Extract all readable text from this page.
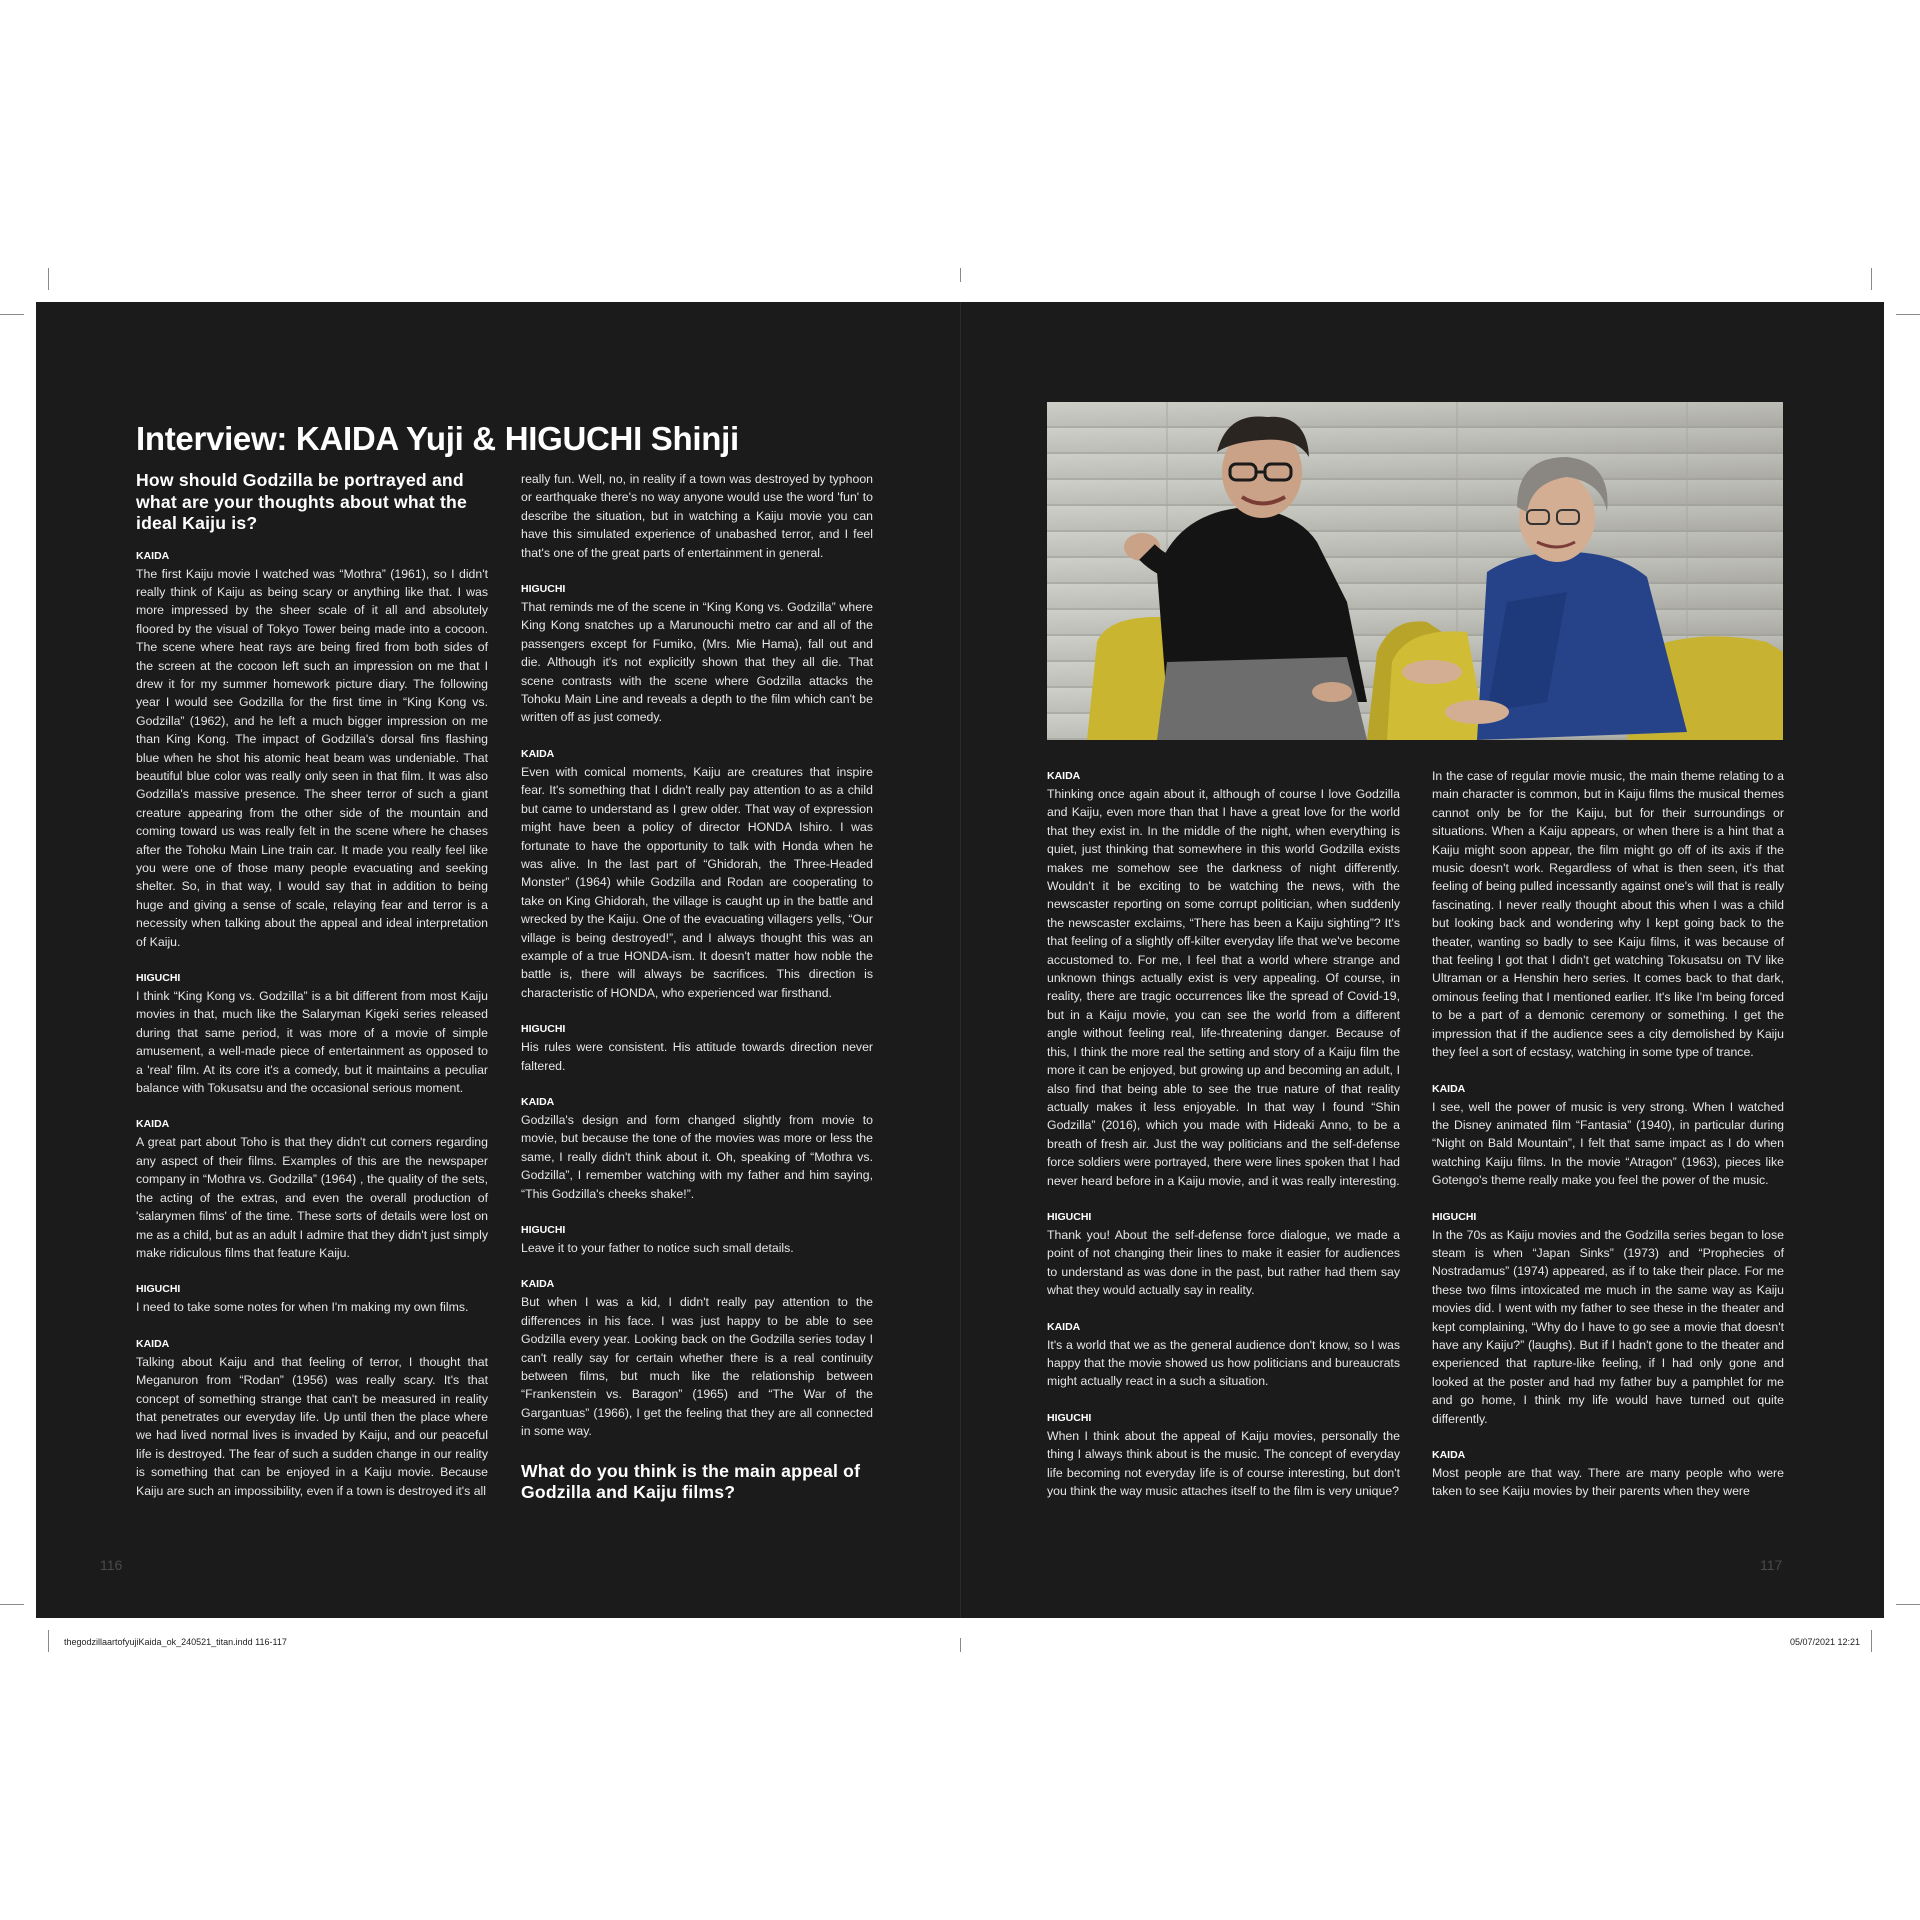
Interview: KAIDA Yuji & HIGUCHI Shinji
How should Godzilla be portrayed and what are your thoughts about what the ideal Kaiju is?
KAIDA
The first Kaiju movie I watched was “Mothra” (1961), so I didn't really think of Kaiju as being scary or anything like that. I was more impressed by the sheer scale of it all and absolutely floored by the visual of Tokyo Tower being made into a cocoon. The scene where heat rays are being fired from both sides of the screen at the cocoon left such an impression on me that I drew it for my summer homework picture diary. The following year I would see Godzilla for the first time in “King Kong vs. Godzilla” (1962), and he left a much bigger impression on me than King Kong. The impact of Godzilla's dorsal fins flashing blue when he shot his atomic heat beam was undeniable. That beautiful blue color was really only seen in that film. It was also Godzilla's massive presence. The sheer terror of such a giant creature appearing from the other side of the mountain and coming toward us was really felt in the scene where he chases after the Tohoku Main Line train car. It made you really feel like you were one of those many people evacuating and seeking shelter. So, in that way, I would say that in addition to being huge and giving a sense of scale, relaying fear and terror is a necessity when talking about the appeal and ideal interpretation of Kaiju.
HIGUCHI
I think “King Kong vs. Godzilla” is a bit different from most Kaiju movies in that, much like the Salaryman Kigeki series released during that same period, it was more of a movie of simple amusement, a well-made piece of entertainment as opposed to a 'real' film. At its core it's a comedy, but it maintains a peculiar balance with Tokusatsu and the occasional serious moment.
KAIDA
A great part about Toho is that they didn't cut corners regarding any aspect of their films. Examples of this are the newspaper company in “Mothra vs. Godzilla” (1964) , the quality of the sets, the acting of the extras, and even the overall production of 'salarymen films' of the time. These sorts of details were lost on me as a child, but as an adult I admire that they didn't just simply make ridiculous films that feature Kaiju.
HIGUCHI
I need to take some notes for when I'm making my own films.
KAIDA
Talking about Kaiju and that feeling of terror, I thought that Meganuron from “Rodan” (1956) was really scary. It's that concept of something strange that can't be measured in reality that penetrates our everyday life. Up until then the place where we had lived normal lives is invaded by Kaiju, and our peaceful life is destroyed. The fear of such a sudden change in our reality is something that can be enjoyed in a Kaiju movie. Because Kaiju are such an impossibility, even if a town is destroyed it's all
really fun. Well, no, in reality if a town was destroyed by typhoon or earthquake there's no way anyone would use the word 'fun' to describe the situation, but in watching a Kaiju movie you can have this simulated experience of unabashed terror, and I feel that's one of the great parts of entertainment in general.
HIGUCHI
That reminds me of the scene in “King Kong vs. Godzilla” where King Kong snatches up a Marunouchi metro car and all of the passengers except for Fumiko, (Mrs. Mie Hama), fall out and die. Although it's not explicitly shown that they all die. That scene contrasts with the scene where Godzilla attacks the Tohoku Main Line and reveals a depth to the film which can't be written off as just comedy.
KAIDA
Even with comical moments, Kaiju are creatures that inspire fear. It's something that I didn't really pay attention to as a child but came to understand as I grew older. That way of expression might have been a policy of director HONDA Ishiro. I was fortunate to have the opportunity to talk with Honda when he was alive. In the last part of “Ghidorah, the Three-Headed Monster” (1964) while Godzilla and Rodan are cooperating to take on King Ghidorah, the village is caught up in the battle and wrecked by the Kaiju. One of the evacuating villagers yells, “Our village is being destroyed!”, and I always thought this was an example of a true HONDA-ism. It doesn't matter how noble the battle is, there will always be sacrifices. This direction is characteristic of HONDA, who experienced war firsthand.
HIGUCHI
His rules were consistent. His attitude towards direction never faltered.
KAIDA
Godzilla's design and form changed slightly from movie to movie, but because the tone of the movies was more or less the same, I really didn't think about it. Oh, speaking of “Mothra vs. Godzilla”, I remember watching with my father and him saying, “This Godzilla's cheeks shake!”.
HIGUCHI
Leave it to your father to notice such small details.
KAIDA
But when I was a kid, I didn't really pay attention to the differences in his face. I was just happy to be able to see Godzilla every year. Looking back on the Godzilla series today I can't really say for certain whether there is a real continuity between films, but much like the relationship between “Frankenstein vs. Baragon” (1965) and “The War of the Gargantuas” (1966), I get the feeling that they are all connected in some way.
What do you think is the main appeal of Godzilla and Kaiju films?
KAIDA
Thinking once again about it, although of course I love Godzilla and Kaiju, even more than that I have a great love for the world that they exist in. In the middle of the night, when everything is quiet, just thinking that somewhere in this world Godzilla exists makes me somehow see the darkness of night differently. Wouldn't it be exciting to be watching the news, with the newscaster reporting on some corrupt politician, when suddenly the newscaster exclaims, “There has been a Kaiju sighting”? It's that feeling of a slightly off-kilter everyday life that we've become accustomed to. For me, I feel that a world where strange and unknown things actually exist is very appealing. Of course, in reality, there are tragic occurrences like the spread of Covid-19, but in a Kaiju movie, you can see the world from a different angle without feeling real, life-threatening danger. Because of this, I think the more real the setting and story of a Kaiju film the more it can be enjoyed, but growing up and becoming an adult, I also find that being able to see the true nature of that reality actually makes it less enjoyable. In that way I found “Shin Godzilla” (2016), which you made with Hideaki Anno, to be a breath of fresh air. Just the way politicians and the self-defense force soldiers were portrayed, there were lines spoken that I had never heard before in a Kaiju movie, and it was really interesting.
HIGUCHI
Thank you! About the self-defense force dialogue, we made a point of not changing their lines to make it easier for audiences to understand as was done in the past, but rather had them say what they would actually say in reality.
KAIDA
It's a world that we as the general audience don't know, so I was happy that the movie showed us how politicians and bureaucrats might actually react in a such a situation.
HIGUCHI
When I think about the appeal of Kaiju movies, personally the thing I always think about is the music. The concept of everyday life becoming not everyday life is of course interesting, but don't you think the way music attaches itself to the film is very unique?
In the case of regular movie music, the main theme relating to a main character is common, but in Kaiju films the musical themes cannot only be for the Kaiju, but for their surroundings or situations. When a Kaiju appears, or when there is a hint that a Kaiju might soon appear, the film might go off of its axis if the music doesn't work. Regardless of what is then seen, it's that feeling of being pulled incessantly against one's will that is really fascinating. I never really thought about this when I was a child but looking back and wondering why I kept going back to the theater, wanting so badly to see Kaiju films, it was because of that feeling I got that I didn't get watching Tokusatsu on TV like Ultraman or a Henshin hero series. It comes back to that dark, ominous feeling that I mentioned earlier. It's like I'm being forced to be a part of a demonic ceremony or something. I get the impression that if the audience sees a city demolished by Kaiju they feel a sort of ecstasy, watching in some type of trance.
KAIDA
I see, well the power of music is very strong. When I watched the Disney animated film “Fantasia” (1940), in particular during “Night on Bald Mountain”, I felt that same impact as I do when watching Kaiju films. In the movie “Atragon” (1963), pieces like Gotengo's theme really make you feel the power of the music.
HIGUCHI
In the 70s as Kaiju movies and the Godzilla series began to lose steam is when “Japan Sinks” (1973) and “Prophecies of Nostradamus” (1974) appeared, as if to take their place. For me these two films intoxicated me much in the same way as Kaiju movies did. I went with my father to see these in the theater and kept complaining, “Why do I have to go see a movie that doesn't have any Kaiju?” (laughs). But if I hadn't gone to the theater and experienced that rapture-like feeling, if I had only gone and looked at the poster and had my father buy a pamphlet for me and go home, I think my life would have turned out quite differently.
KAIDA
Most people are that way. There are many people who were taken to see Kaiju movies by their parents when they were
116	117
thegodzillaartofyujiKaida_ok_240521_titan.indd 116-117	05/07/2021 12:21
